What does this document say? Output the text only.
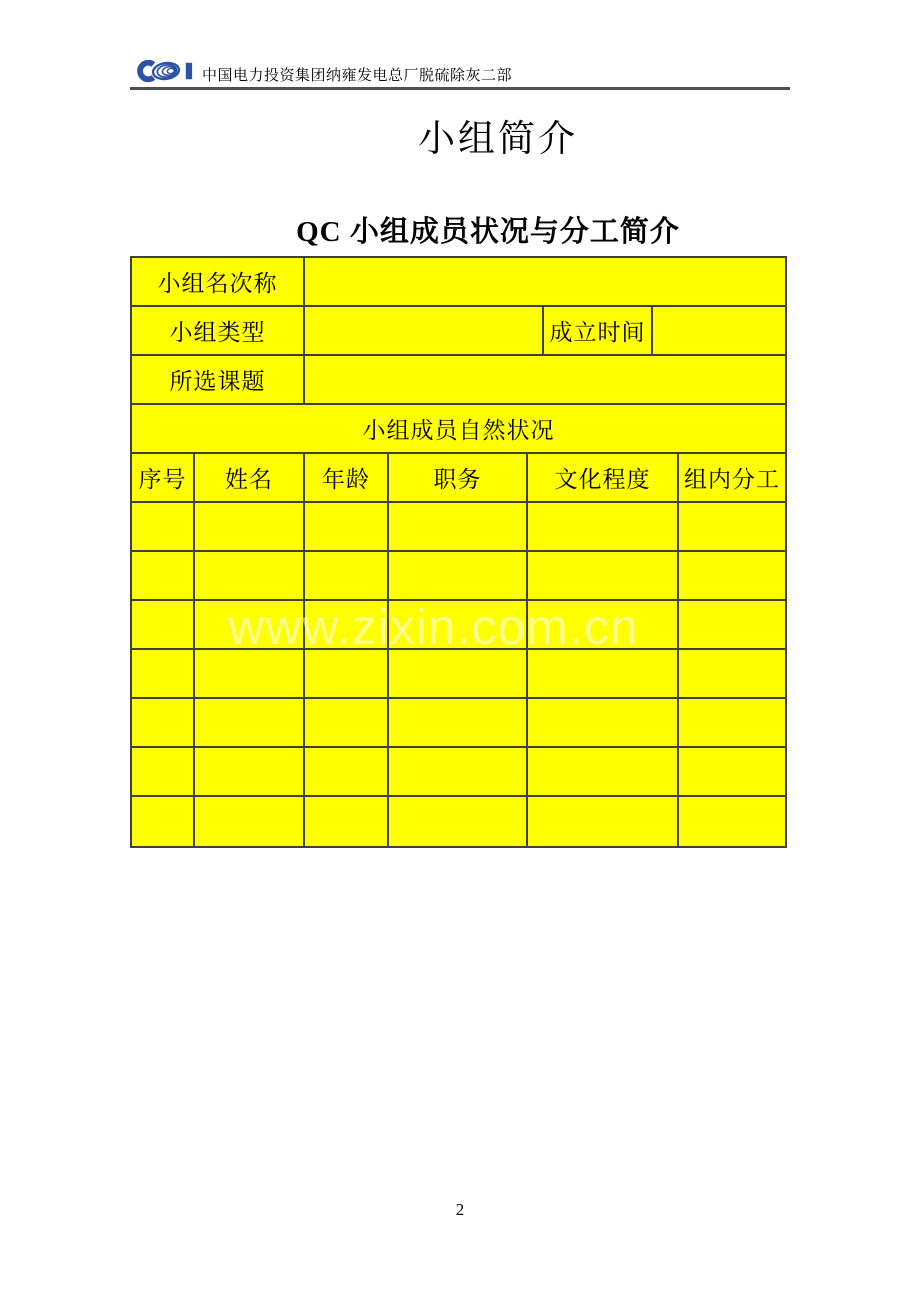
中国电力投资集团纳雍发电总厂脱硫除灰二部
小组简介
QC 小组成员状况与分工简介
小组名次称
小组类型	成立时间
所选课题
小组成员自然状况
序号	姓名	年龄	职务	文化程度	组内分工
www.zixin.com.cn
2
